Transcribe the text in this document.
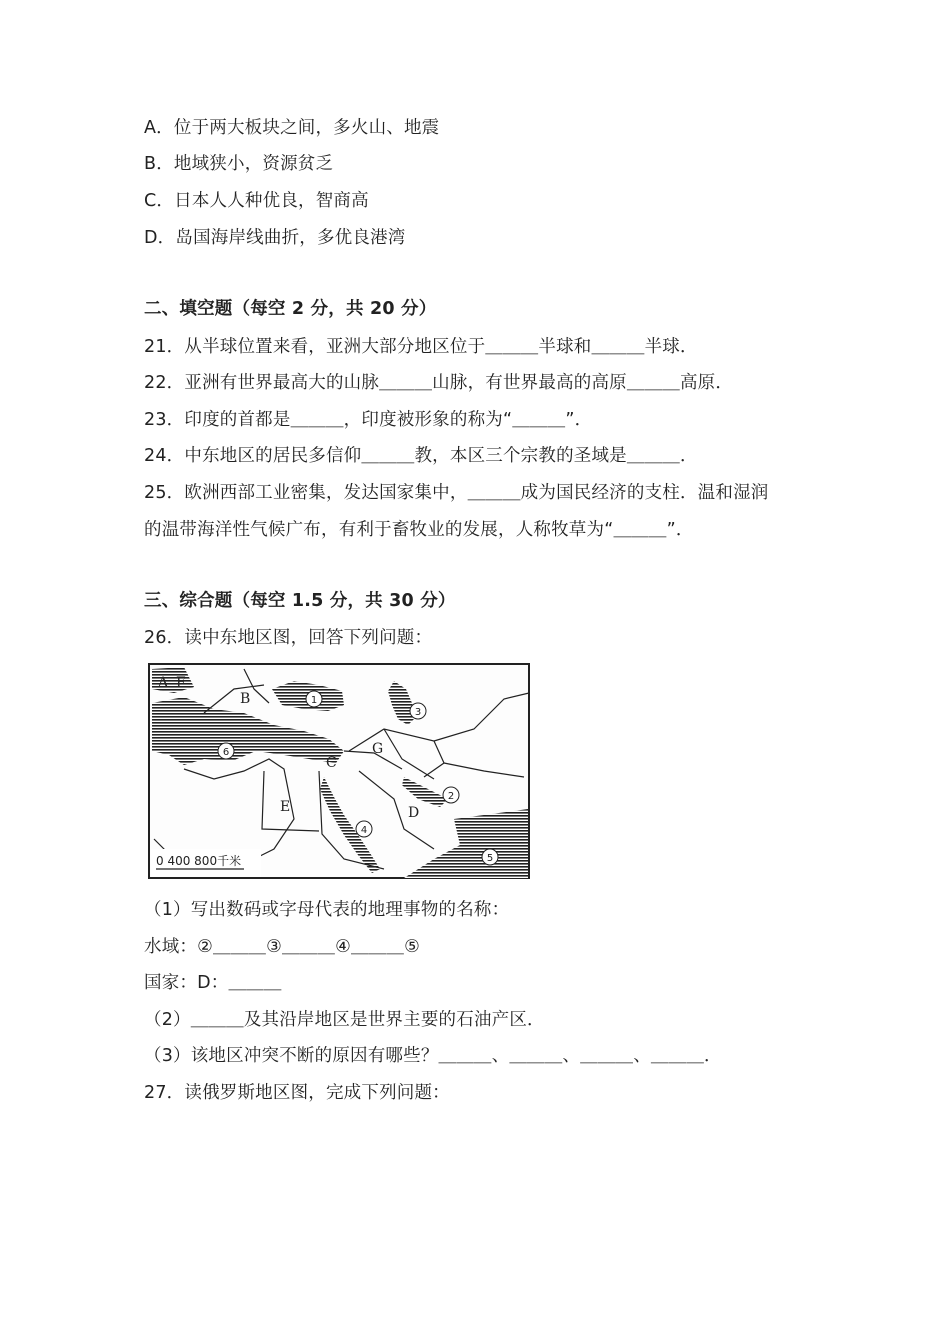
A．位于两大板块之间，多火山、地震
B．地域狭小，资源贫乏
C．日本人人种优良，智商高
D．岛国海岸线曲折，多优良港湾
二、填空题（每空 2 分，共 20 分）
21．从半球位置来看，亚洲大部分地区位于＿＿＿半球和＿＿＿半球．
22．亚洲有世界最高大的山脉＿＿＿山脉，有世界最高的高原＿＿＿高原．
23．印度的首都是＿＿＿，印度被形象的称为“＿＿＿”．
24．中东地区的居民多信仰＿＿＿教，本区三个宗教的圣域是＿＿＿．
25．欧洲西部工业密集，发达国家集中，＿＿＿成为国民经济的支柱．温和湿润
的温带海洋性气候广布，有利于畜牧业的发展，人称牧草为“＿＿＿”．
三、综合题（每空 1.5 分，共 30 分）
26．读中东地区图，回答下列问题：
A F
B
C
D
E
G
1
2
3
4
5
6
0 400 800千米
（1）写出数码或字母代表的地理事物的名称：
水域：②＿＿＿③＿＿＿④＿＿＿⑤
国家：D：＿＿＿
（2）＿＿＿及其沿岸地区是世界主要的石油产区．
（3）该地区冲突不断的原因有哪些？＿＿＿、＿＿＿、＿＿＿、＿＿＿．
27．读俄罗斯地区图，完成下列问题：
